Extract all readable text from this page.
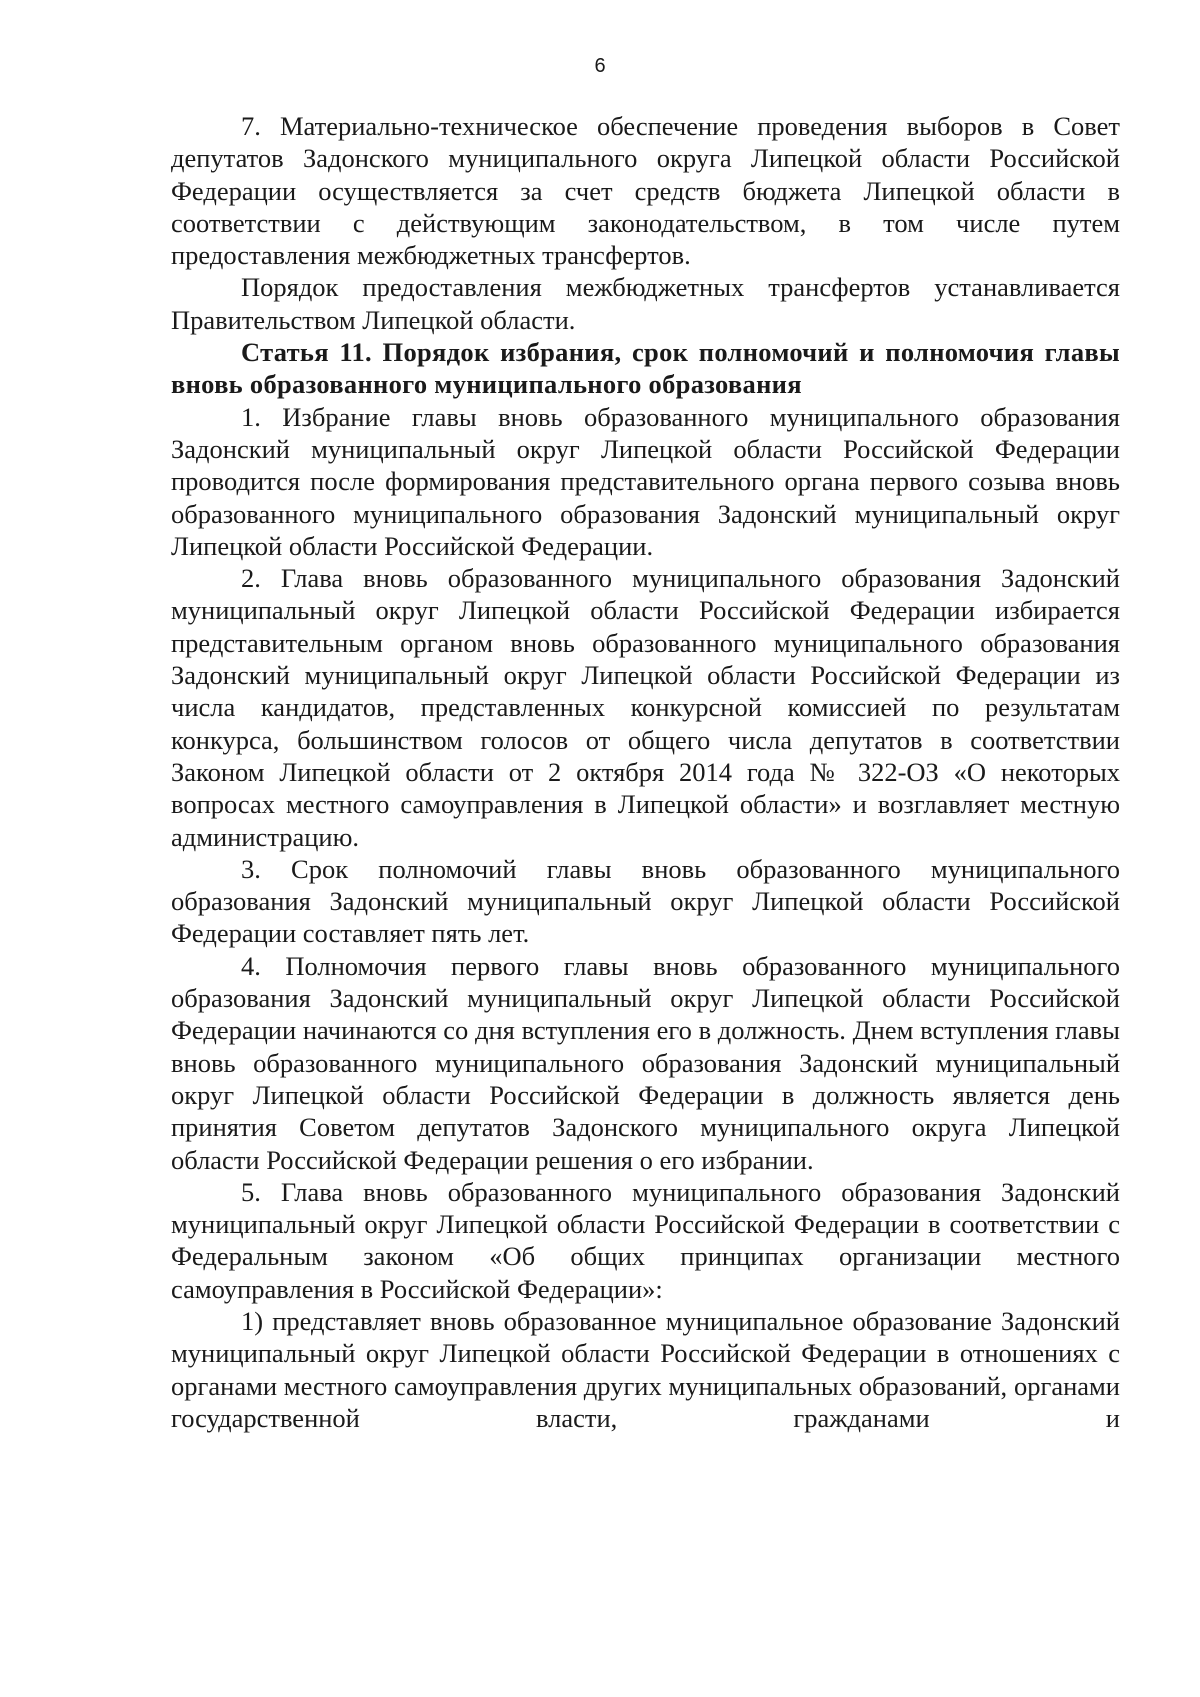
6

7. Материально-техническое обеспечение проведения выборов в Совет депутатов Задонского муниципального округа Липецкой области Российской Федерации осуществляется за счет средств бюджета Липецкой области в соответствии с действующим законодательством, в том числе путем предоставления межбюджетных трансфертов.

Порядок предоставления межбюджетных трансфертов устанавливается Правительством Липецкой области.

Статья 11. Порядок избрания, срок полномочий и полномочия главы вновь образованного муниципального образования

1. Избрание главы вновь образованного муниципального образования Задонский муниципальный округ Липецкой области Российской Федерации проводится после формирования представительного органа первого созыва вновь образованного муниципального образования Задонский муниципальный округ Липецкой области Российской Федерации.

2. Глава вновь образованного муниципального образования Задонский муниципальный округ Липецкой области Российской Федерации избирается представительным органом вновь образованного муниципального образования Задонский муниципальный округ Липецкой области Российской Федерации из числа кандидатов, представленных конкурсной комиссией по результатам конкурса, большинством голосов от общего числа депутатов в соответствии Законом Липецкой области от 2 октября 2014 года № 322-ОЗ «О некоторых вопросах местного самоуправления в Липецкой области» и возглавляет местную администрацию.

3. Срок полномочий главы вновь образованного муниципального образования Задонский муниципальный округ Липецкой области Российской Федерации составляет пять лет.

4. Полномочия первого главы вновь образованного муниципального образования Задонский муниципальный округ Липецкой области Российской Федерации начинаются со дня вступления его в должность. Днем вступления главы вновь образованного муниципального образования Задонский муниципальный округ Липецкой области Российской Федерации в должность является день принятия Советом депутатов Задонского муниципального округа Липецкой области Российской Федерации решения о его избрании.

5. Глава вновь образованного муниципального образования Задонский муниципальный округ Липецкой области Российской Федерации в соответствии с Федеральным законом «Об общих принципах организации местного самоуправления в Российской Федерации»:

1) представляет вновь образованное муниципальное образование Задонский муниципальный округ Липецкой области Российской Федерации в отношениях с органами местного самоуправления других муниципальных образований, органами государственной власти, гражданами и
